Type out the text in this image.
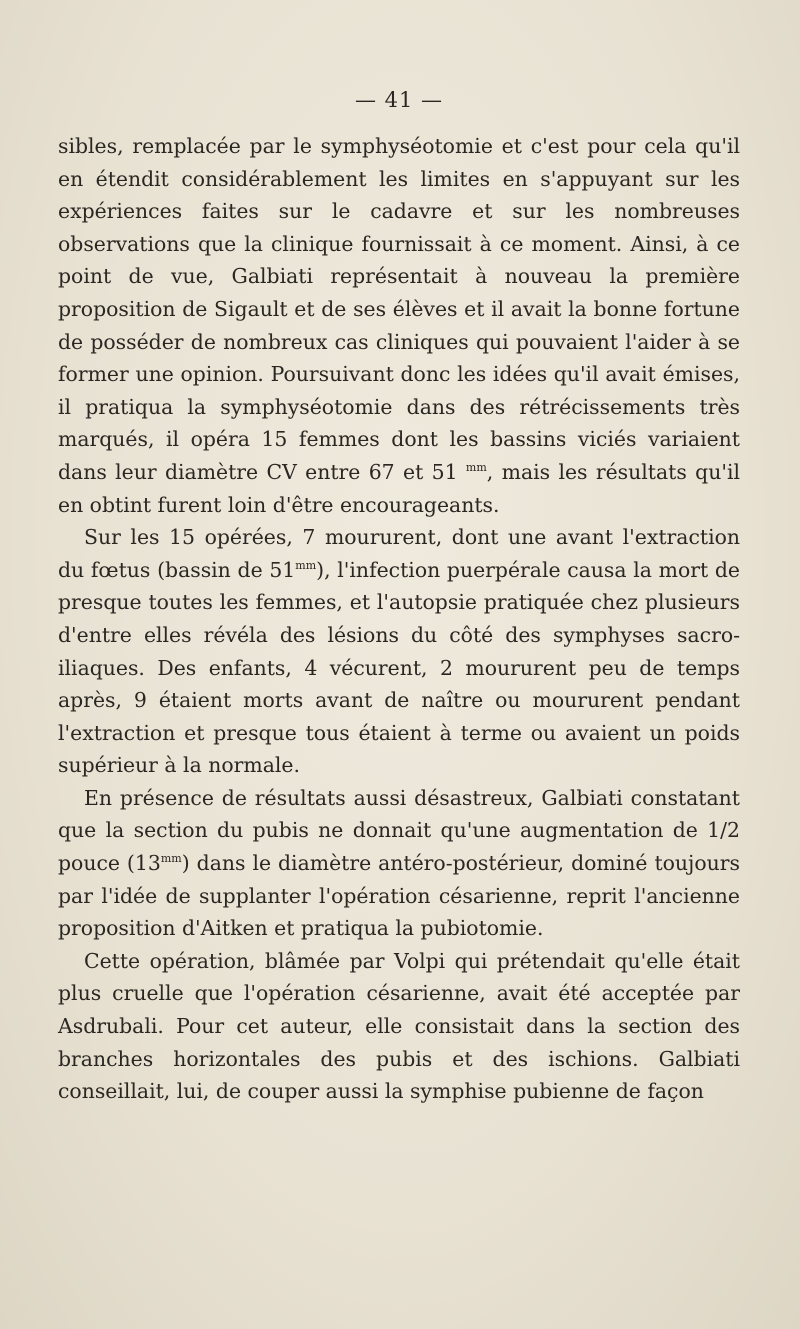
— 41 —

sibles, remplacée par le symphyséotomie et c'est pour cela qu'il en étendit considérablement les limites en s'appuyant sur les expériences faites sur le cadavre et sur les nombreuses observations que la clinique fournissait à ce moment. Ainsi, à ce point de vue, Galbiati représentait à nouveau la première proposition de Sigault et de ses élèves et il avait la bonne fortune de posséder de nombreux cas cliniques qui pouvaient l'aider à se former une opinion. Poursuivant donc les idées qu'il avait émises, il pratiqua la symphyséotomie dans des rétrécissements très marqués, il opéra 15 femmes dont les bassins viciés variaient dans leur diamètre CV entre 67 et 51 $^{mm}$, mais les résultats qu'il en obtint furent loin d'être encourageants.

Sur les 15 opérées, 7 moururent, dont une avant l'extraction du fœtus (bassin de $51^{mm}$), l'infection puerpérale causa la mort de presque toutes les femmes, et l'autopsie pratiquée chez plusieurs d'entre elles révéla des lésions du côté des symphyses sacro-iliaques. Des enfants, 4 vécurent, 2 moururent peu de temps après, 9 étaient morts avant de naître ou moururent pendant l'extraction et presque tous étaient à terme ou avaient un poids supérieur à la normale.

En présence de résultats aussi désastreux, Galbiati constatant que la section du pubis ne donnait qu'une augmentation de 1/2 pouce $(13^{mm})$ dans le diamètre antéro-postérieur, dominé toujours par l'idée de supplanter l'opération césarienne, reprit l'ancienne proposition d'Aitken et pratiqua la pubiotomie.

Cette opération, blâmée par Volpi qui prétendait qu'elle était plus cruelle que l'opération césarienne, avait été acceptée par Asdrubali. Pour cet auteur, elle consistait dans la section des branches horizontales des pubis et des ischions. Galbiati conseillait, lui, de couper aussi la symphise pubienne de façon
